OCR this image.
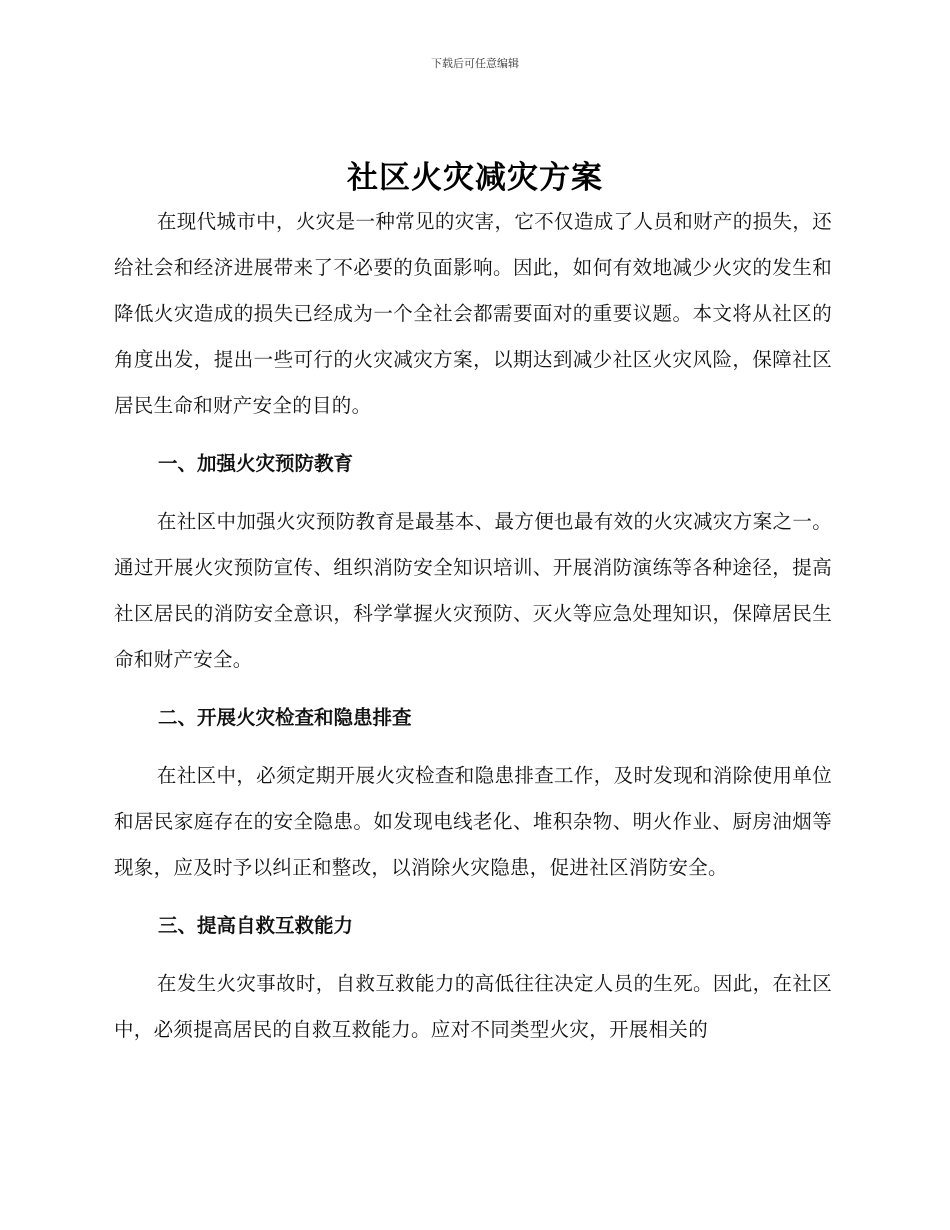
下载后可任意编辑
社区火灾减灾方案

在现代城市中，火灾是一种常见的灾害，它不仅造成了人员和财产的损失，还给社会和经济进展带来了不必要的负面影响。因此，如何有效地减少火灾的发生和降低火灾造成的损失已经成为一个全社会都需要面对的重要议题。本文将从社区的角度出发，提出一些可行的火灾减灾方案，以期达到减少社区火灾风险，保障社区居民生命和财产安全的目的。

一、加强火灾预防教育

在社区中加强火灾预防教育是最基本、最方便也最有效的火灾减灾方案之一。通过开展火灾预防宣传、组织消防安全知识培训、开展消防演练等各种途径，提高社区居民的消防安全意识，科学掌握火灾预防、灭火等应急处理知识，保障居民生命和财产安全。

二、开展火灾检查和隐患排查

在社区中，必须定期开展火灾检查和隐患排查工作，及时发现和消除使用单位和居民家庭存在的安全隐患。如发现电线老化、堆积杂物、明火作业、厨房油烟等现象，应及时予以纠正和整改，以消除火灾隐患，促进社区消防安全。

三、提高自救互救能力

在发生火灾事故时，自救互救能力的高低往往决定人员的生死。因此，在社区中，必须提高居民的自救互救能力。应对不同类型火灾，开展相关的
